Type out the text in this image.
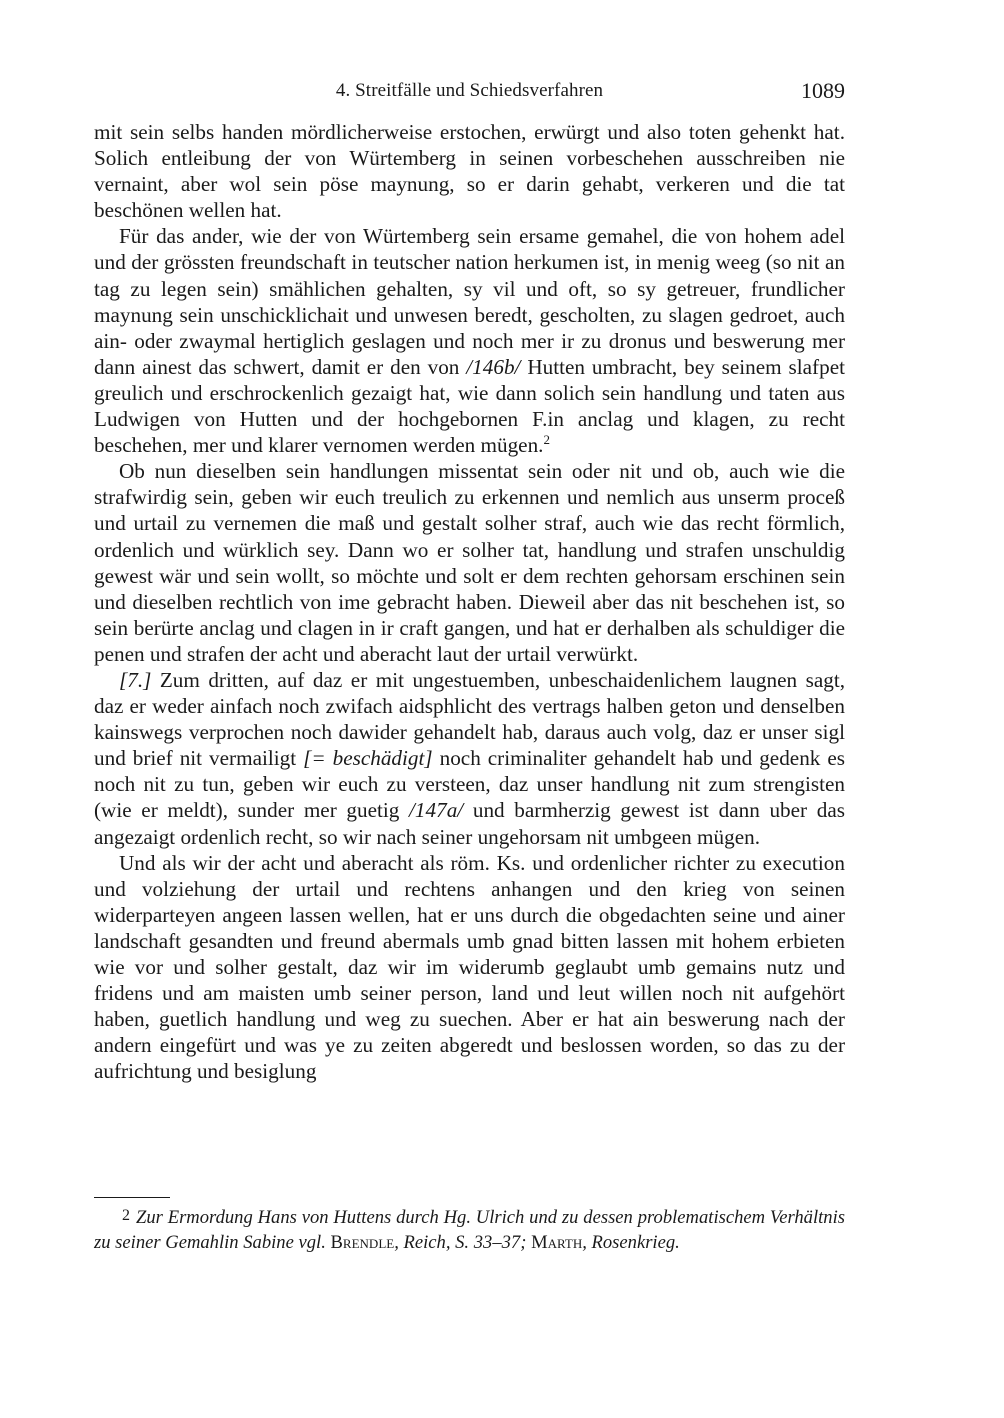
4. Streitfälle und Schiedsverfahren	1089

mit sein selbs handen mördlicherweise erstochen, erwürgt und also toten gehenkt hat. Solich entleibung der von Würtemberg in seinen vorbeschehen ausschreiben nie vernaint, aber wol sein pöse maynung, so er darin gehabt, verkeren und die tat beschönen wellen hat.

Für das ander, wie der von Würtemberg sein ersame gemahel, die von hohem adel und der grössten freundschaft in teutscher nation herkumen ist, in menig weeg (so nit an tag zu legen sein) smählichen gehalten, sy vil und oft, so sy getreuer, frundlicher maynung sein unschicklichait und unwesen beredt, gescholten, zu slagen gedroet, auch ain- oder zwaymal hertiglich geslagen und noch mer ir zu dronus und beswerung mer dann ainest das schwert, damit er den von /146b/ Hutten umbracht, bey seinem slafpet greulich und erschrockenlich gezaigt hat, wie dann solich sein handlung und taten aus Ludwigen von Hutten und der hochgebornen F.in anclag und klagen, zu recht beschehen, mer und klarer vernomen werden mügen.$^2$

Ob nun dieselben sein handlungen missentat sein oder nit und ob, auch wie die strafwirdig sein, geben wir euch treulich zu erkennen und nemlich aus unserm proceß und urtail zu vernemen die maß und gestalt solher straf, auch wie das recht förmlich, ordenlich und würklich sey. Dann wo er solher tat, handlung und strafen unschuldig gewest wär und sein wollt, so möchte und solt er dem rechten gehorsam erschinen sein und dieselben rechtlich von ime gebracht haben. Dieweil aber das nit beschehen ist, so sein berürte anclag und clagen in ir craft gangen, und hat er derhalben als schuldiger die penen und strafen der acht und aberacht laut der urtail verwürkt.

[7.] Zum dritten, auf daz er mit ungestuemben, unbeschaidenlichem laugnen sagt, daz er weder ainfach noch zwifach aidsphlicht des vertrags halben geton und denselben kainswegs verprochen noch dawider gehandelt hab, daraus auch volg, daz er unser sigl und brief nit vermailigt [= beschädigt] noch criminaliter gehandelt hab und gedenk es noch nit zu tun, geben wir euch zu versteen, daz unser handlung nit zum strengisten (wie er meldt), sunder mer guetig /147a/ und barmherzig gewest ist dann uber das angezaigt ordenlich recht, so wir nach seiner ungehorsam nit umbgeen mügen.

Und als wir der acht und aberacht als röm. Ks. und ordenlicher richter zu execution und volziehung der urtail und rechtens anhangen und den krieg von seinen widerparteyen angeen lassen wellen, hat er uns durch die obgedachten seine und ainer landschaft gesandten und freund abermals umb gnad bitten lassen mit hohem erbieten wie vor und solher gestalt, daz wir im widerumb geglaubt umb gemains nutz und fridens und am maisten umb seiner person, land und leut willen noch nit aufgehört haben, guetlich handlung und weg zu suechen. Aber er hat ain beswerung nach der andern eingefürt und was ye zu zeiten abgeredt und beslossen worden, so das zu der aufrichtung und besiglung

2 Zur Ermordung Hans von Huttens durch Hg. Ulrich und zu dessen problematischem Verhältnis zu seiner Gemahlin Sabine vgl. Brendle, Reich, S. 33–37; Marth, Rosenkrieg.
